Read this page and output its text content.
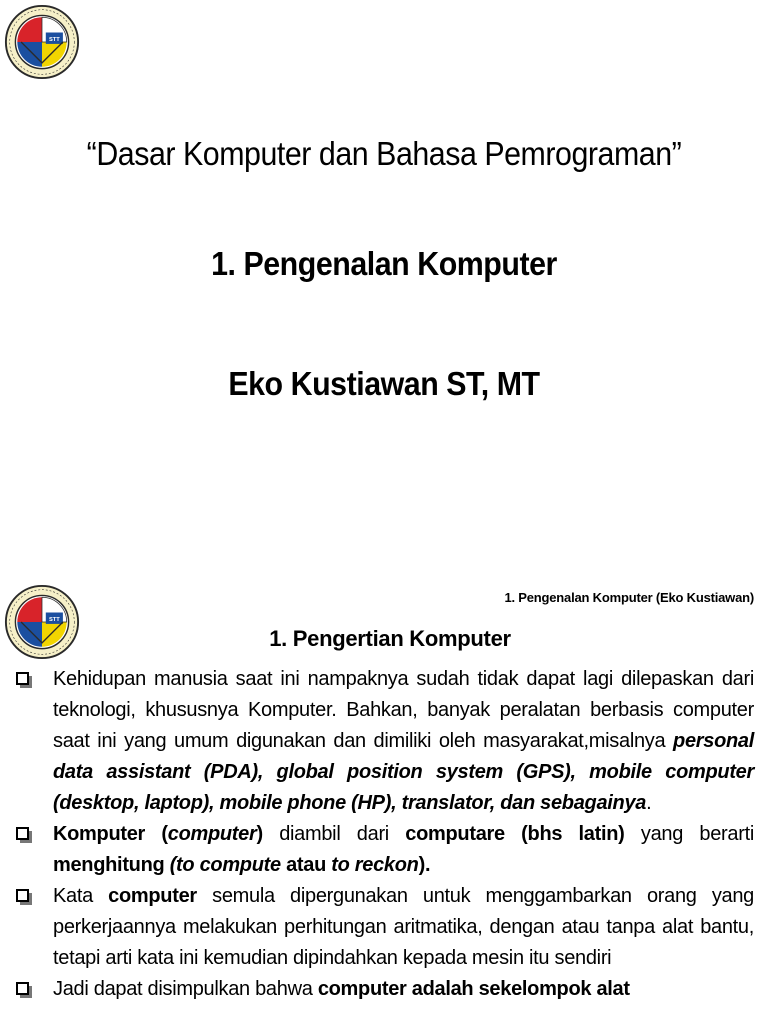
STT
“Dasar Komputer dan Bahasa Pemrograman”
1. Pengenalan Komputer
Eko Kustiawan ST, MT
STT
1. Pengenalan Komputer (Eko Kustiawan)
1. Pengertian Komputer
Kehidupan manusia saat ini nampaknya sudah tidak dapat lagi dilepaskan dari teknologi, khususnya Komputer. Bahkan, banyak peralatan berbasis computer saat ini yang umum digunakan dan dimiliki oleh masyarakat,misalnya personal data assistant (PDA), global position system (GPS), mobile computer (desktop, laptop), mobile phone (HP), translator, dan sebagainya.
Komputer (computer) diambil dari computare (bhs latin) yang berarti menghitung (to compute atau to reckon).
Kata computer semula dipergunakan untuk menggambarkan orang yang perkerjaannya melakukan perhitungan aritmatika, dengan atau tanpa alat bantu, tetapi arti kata ini kemudian dipindahkan kepada mesin itu sendiri
Jadi dapat disimpulkan bahwa computer adalah sekelompok alat
